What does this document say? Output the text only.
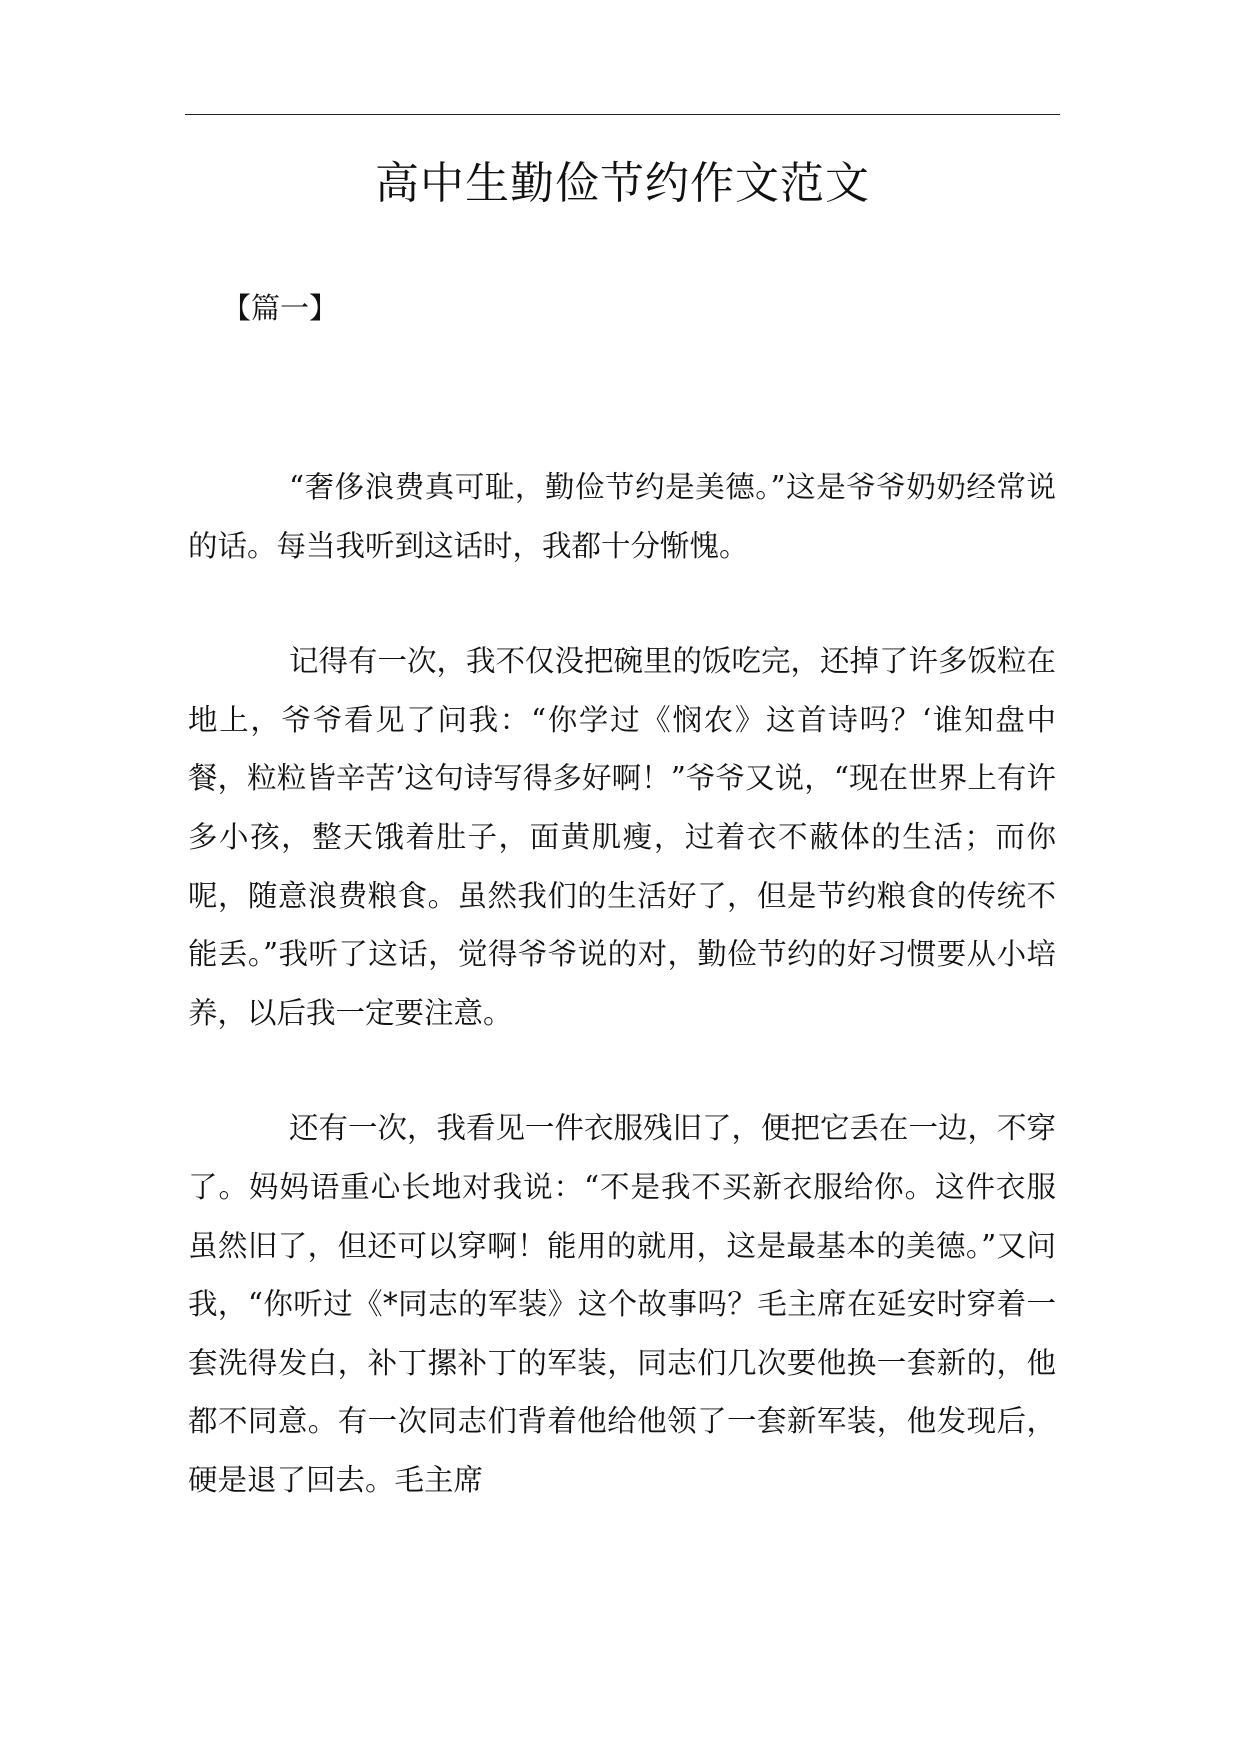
高中生勤俭节约作文范文
【篇一】

“奢侈浪费真可耻，勤俭节约是美德。”这是爷爷奶奶经常说的话。每当我听到这话时，我都十分惭愧。

记得有一次，我不仅没把碗里的饭吃完，还掉了许多饭粒在地上，爷爷看见了问我：“你学过《悯农》这首诗吗？‘谁知盘中餐，粒粒皆辛苦’这句诗写得多好啊！”爷爷又说，“现在世界上有许多小孩，整天饿着肚子，面黄肌瘦，过着衣不蔽体的生活；而你呢，随意浪费粮食。虽然我们的生活好了，但是节约粮食的传统不能丢。”我听了这话，觉得爷爷说的对，勤俭节约的好习惯要从小培养，以后我一定要注意。

还有一次，我看见一件衣服残旧了，便把它丢在一边，不穿了。妈妈语重心长地对我说：“不是我不买新衣服给你。这件衣服虽然旧了，但还可以穿啊！能用的就用，这是最基本的美德。”又问我，“你听过《*同志的军装》这个故事吗？毛主席在延安时穿着一套洗得发白，补丁摞补丁的军装，同志们几次要他换一套新的，他都不同意。有一次同志们背着他给他领了一套新军装，他发现后，硬是退了回去。毛主席
